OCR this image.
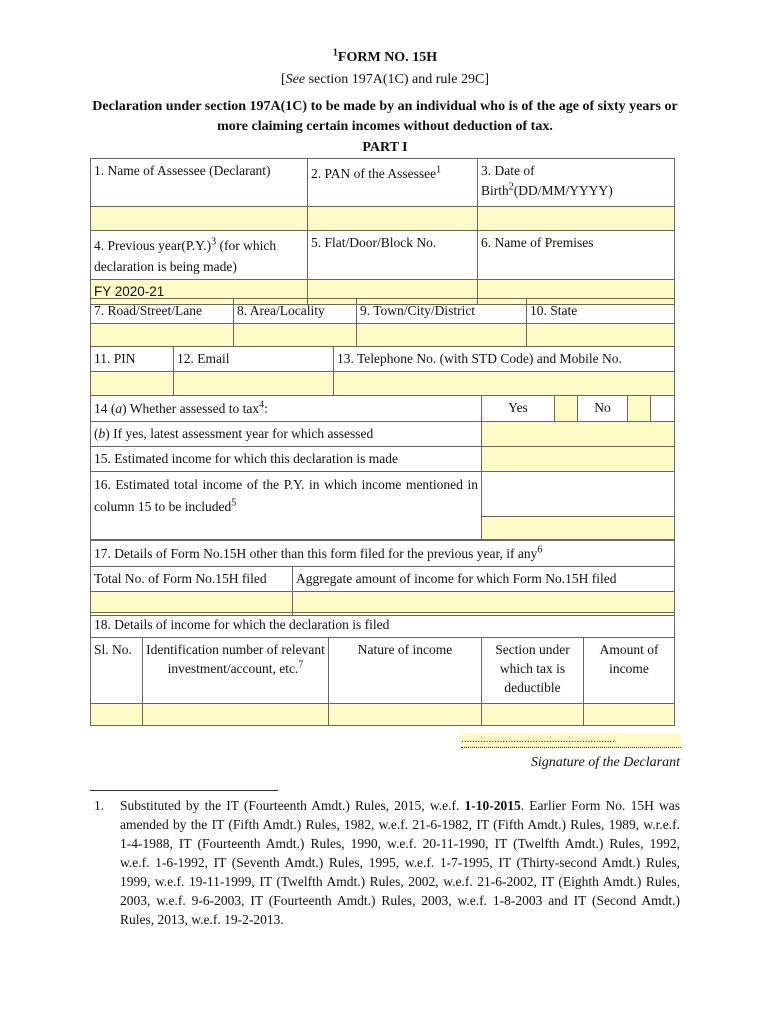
$^1$FORM NO. 15H
[See section 197A(1C) and rule 29C]
Declaration under section 197A(1C) to be made by an individual who is of the age of sixty years or more claiming certain incomes without deduction of tax.
PART I
1. Name of Assessee (Declarant)	2. PAN of the Assessee$^1$	3. Date of
Birth$^2$(DD/MM/YYYY)

4. Previous $year(P.Y.)^3$ (for which declaration is being made)	5. Flat/Door/Block No.	6. Name of Premises
FY 2020-21		
7. Road/Street/Lane	8. Area/Locality	9. Town/City/District	10. State

11. PIN	12. Email	13. Telephone No. (with STD Code) and Mobile No.

14 (a) Whether assessed to tax$^4$:	Yes		No		
(b) If yes, latest assessment year for which assessed					
15. Estimated income for which this declaration is made					
16. Estimated total income of the P.Y. in which income mentioned in column 15 to be included$^5$	

17. Details of Form No.15H other than this form filed for the previous year, if any$^6$
Total No. of Form No.15H filed	Aggregate amount of income for which Form No.15H filed

18. Details of income for which the declaration is filed				
Sl. No.	Identification number of relevant investment/account, etc.$^7$	Nature of income	Section under which tax is deductible	Amount of income

........................................................
Signature of the Declarant
1. Substituted by the IT (Fourteenth Amdt.) Rules, 2015, w.e.f. 1-10-2015. Earlier Form No. 15H was amended by the IT (Fifth Amdt.) Rules, 1982, w.e.f. 21-6-1982, IT (Fifth Amdt.) Rules, 1989, w.r.e.f. 1-4-1988, IT (Fourteenth Amdt.) Rules, 1990, w.e.f. 20-11-1990, IT (Twelfth Amdt.) Rules, 1992, w.e.f. 1-6-1992, IT (Seventh Amdt.) Rules, 1995, w.e.f. 1-7-1995, IT (Thirty-second Amdt.) Rules, 1999, w.e.f. 19-11-1999, IT (Twelfth Amdt.) Rules, 2002, w.e.f. 21-6-2002, IT (Eighth Amdt.) Rules, 2003, w.e.f. 9-6-2003, IT (Fourteenth Amdt.) Rules, 2003, w.e.f. 1-8-2003 and IT (Second Amdt.) Rules, 2013, w.e.f. 19-2-2013.
